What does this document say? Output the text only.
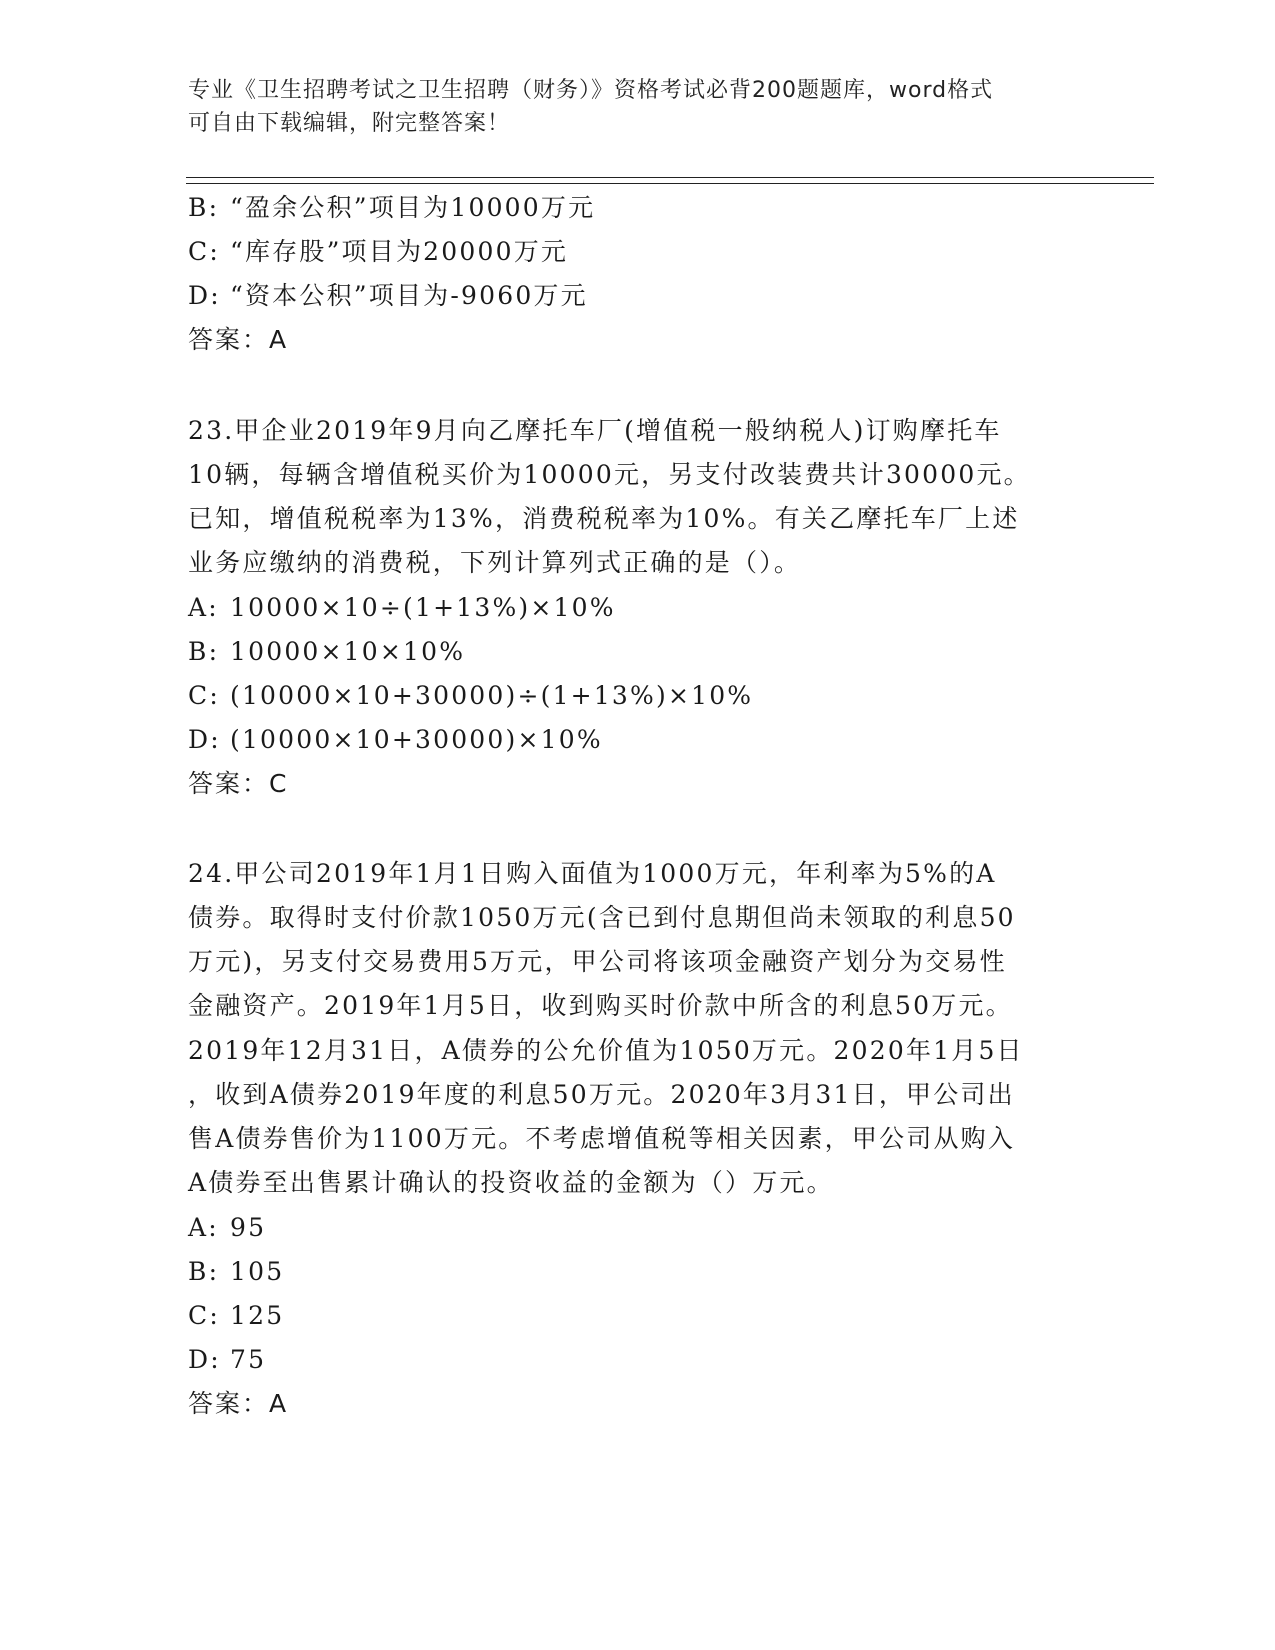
专业《卫生招聘考试之卫生招聘（财务）》资格考试必背200题题库，word格式
可自由下载编辑，附完整答案！
B: “盈余公积”项目为10000万元
C: “库存股”项目为20000万元
D: “资本公积”项目为-9060万元
答案：A
23.甲企业2019年9月向乙摩托车厂(增值税一般纳税人)订购摩托车
10辆，每辆含增值税买价为10000元，另支付改装费共计30000元。
已知，增值税税率为13%，消费税税率为10%。有关乙摩托车厂上述
业务应缴纳的消费税，下列计算列式正确的是（）。
A: 10000×10÷(1+13%)×10%
B: 10000×10×10%
C: (10000×10+30000)÷(1+13%)×10%
D: (10000×10+30000)×10%
答案：C
24.甲公司2019年1月1日购入面值为1000万元，年利率为5%的A
债券。取得时支付价款1050万元(含已到付息期但尚未领取的利息50
万元)，另支付交易费用5万元，甲公司将该项金融资产划分为交易性
金融资产。2019年1月5日，收到购买时价款中所含的利息50万元。
2019年12月31日，A债券的公允价值为1050万元。2020年1月5日
，收到A债券2019年度的利息50万元。2020年3月31日，甲公司出
售A债券售价为1100万元。不考虑增值税等相关因素，甲公司从购入
A债券至出售累计确认的投资收益的金额为（）万元。
A: 95
B: 105
C: 125
D: 75
答案：A
